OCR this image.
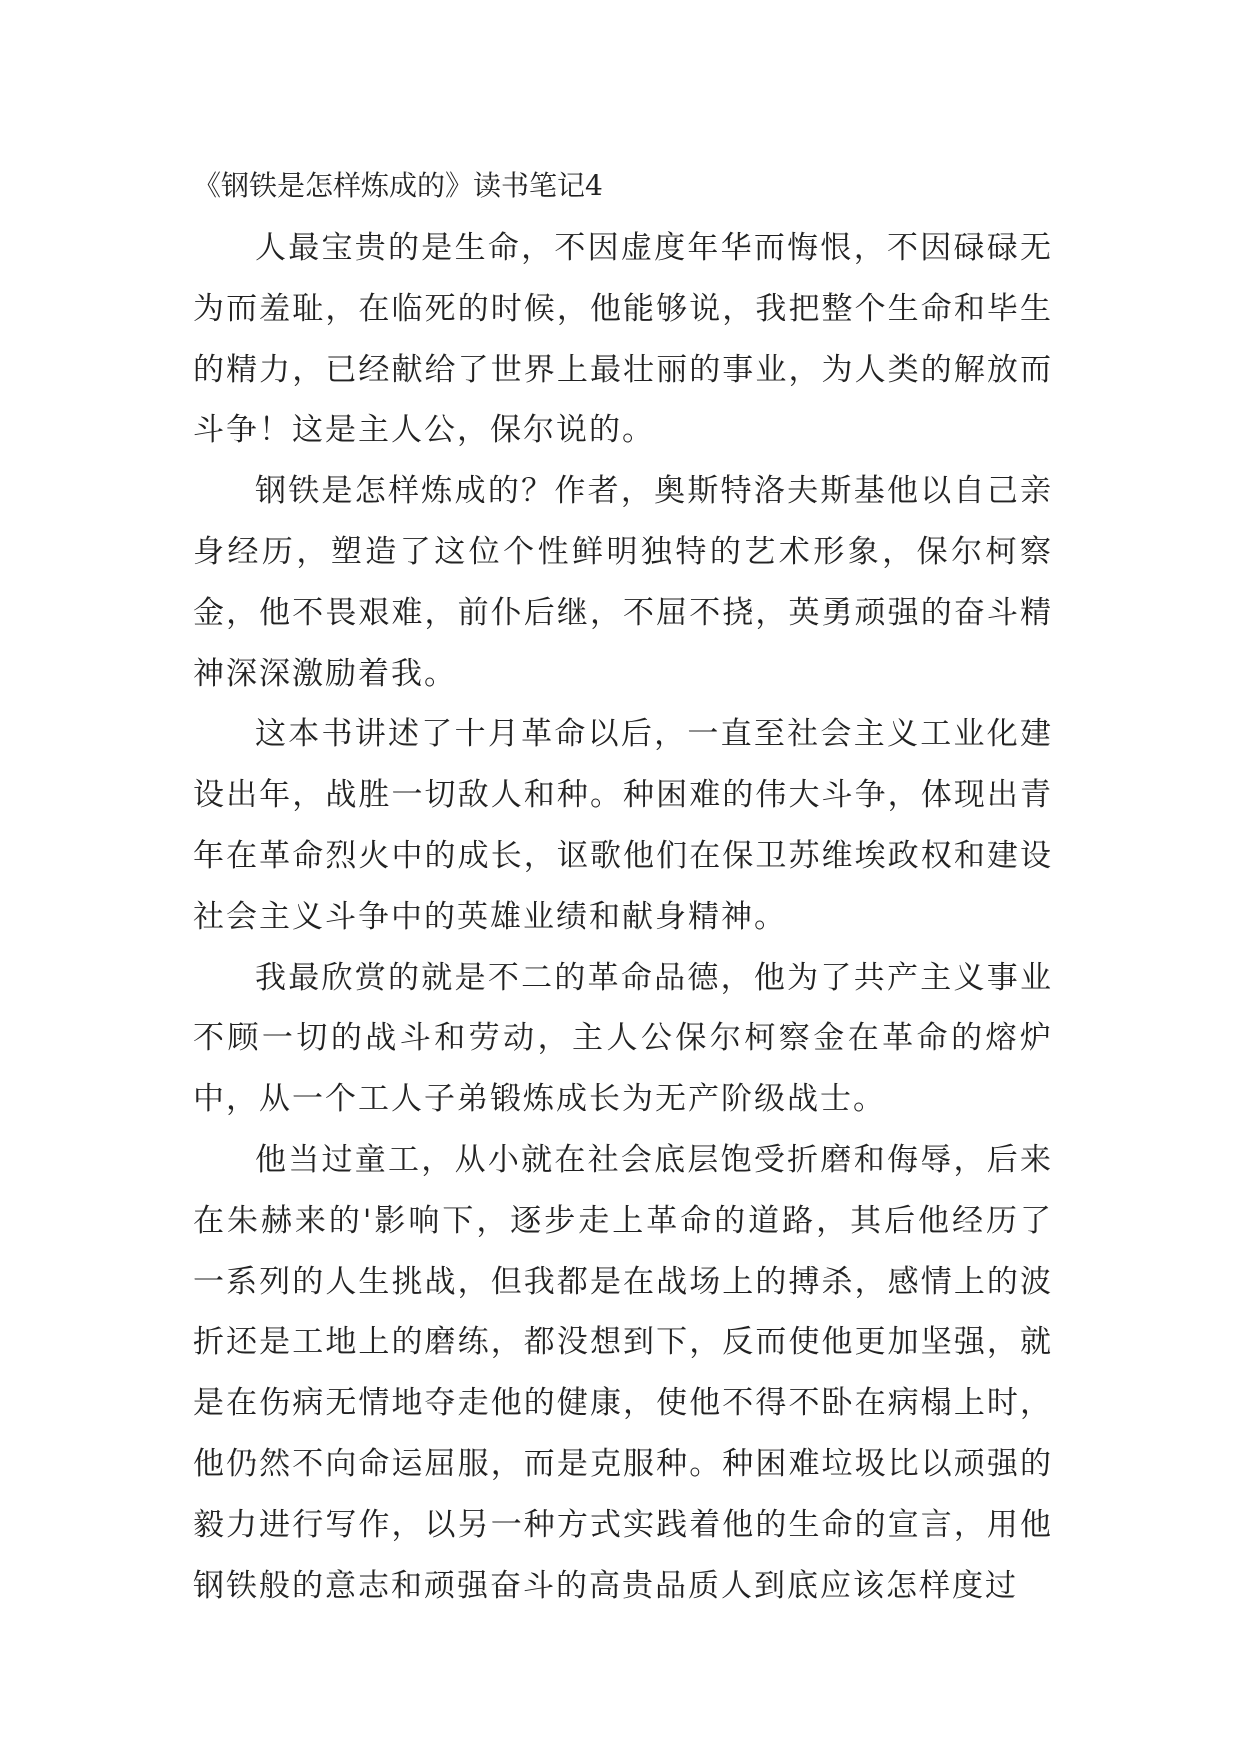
《钢铁是怎样炼成的》读书笔记4

人最宝贵的是生命，不因虚度年华而悔恨，不因碌碌无为而羞耻，在临死的时候，他能够说，我把整个生命和毕生的精力，已经献给了世界上最壮丽的事业，为人类的解放而斗争！这是主人公，保尔说的。

钢铁是怎样炼成的？作者，奥斯特洛夫斯基他以自己亲身经历，塑造了这位个性鲜明独特的艺术形象，保尔柯察金，他不畏艰难，前仆后继，不屈不挠，英勇顽强的奋斗精神深深激励着我。

这本书讲述了十月革命以后，一直至社会主义工业化建设出年，战胜一切敌人和种。种困难的伟大斗争，体现出青年在革命烈火中的成长，讴歌他们在保卫苏维埃政权和建设社会主义斗争中的英雄业绩和献身精神。

我最欣赏的就是不二的革命品德，他为了共产主义事业不顾一切的战斗和劳动，主人公保尔柯察金在革命的熔炉中，从一个工人子弟锻炼成长为无产阶级战士。

他当过童工，从小就在社会底层饱受折磨和侮辱，后来在朱赫来的'影响下，逐步走上革命的道路，其后他经历了一系列的人生挑战，但我都是在战场上的搏杀，感情上的波折还是工地上的磨练，都没想到下，反而使他更加坚强，就是在伤病无情地夺走他的健康，使他不得不卧在病榻上时，他仍然不向命运屈服，而是克服种。种困难垃圾比以顽强的毅力进行写作，以另一种方式实践着他的生命的宣言，用他钢铁般的意志和顽强奋斗的高贵品质人到底应该怎样度过
